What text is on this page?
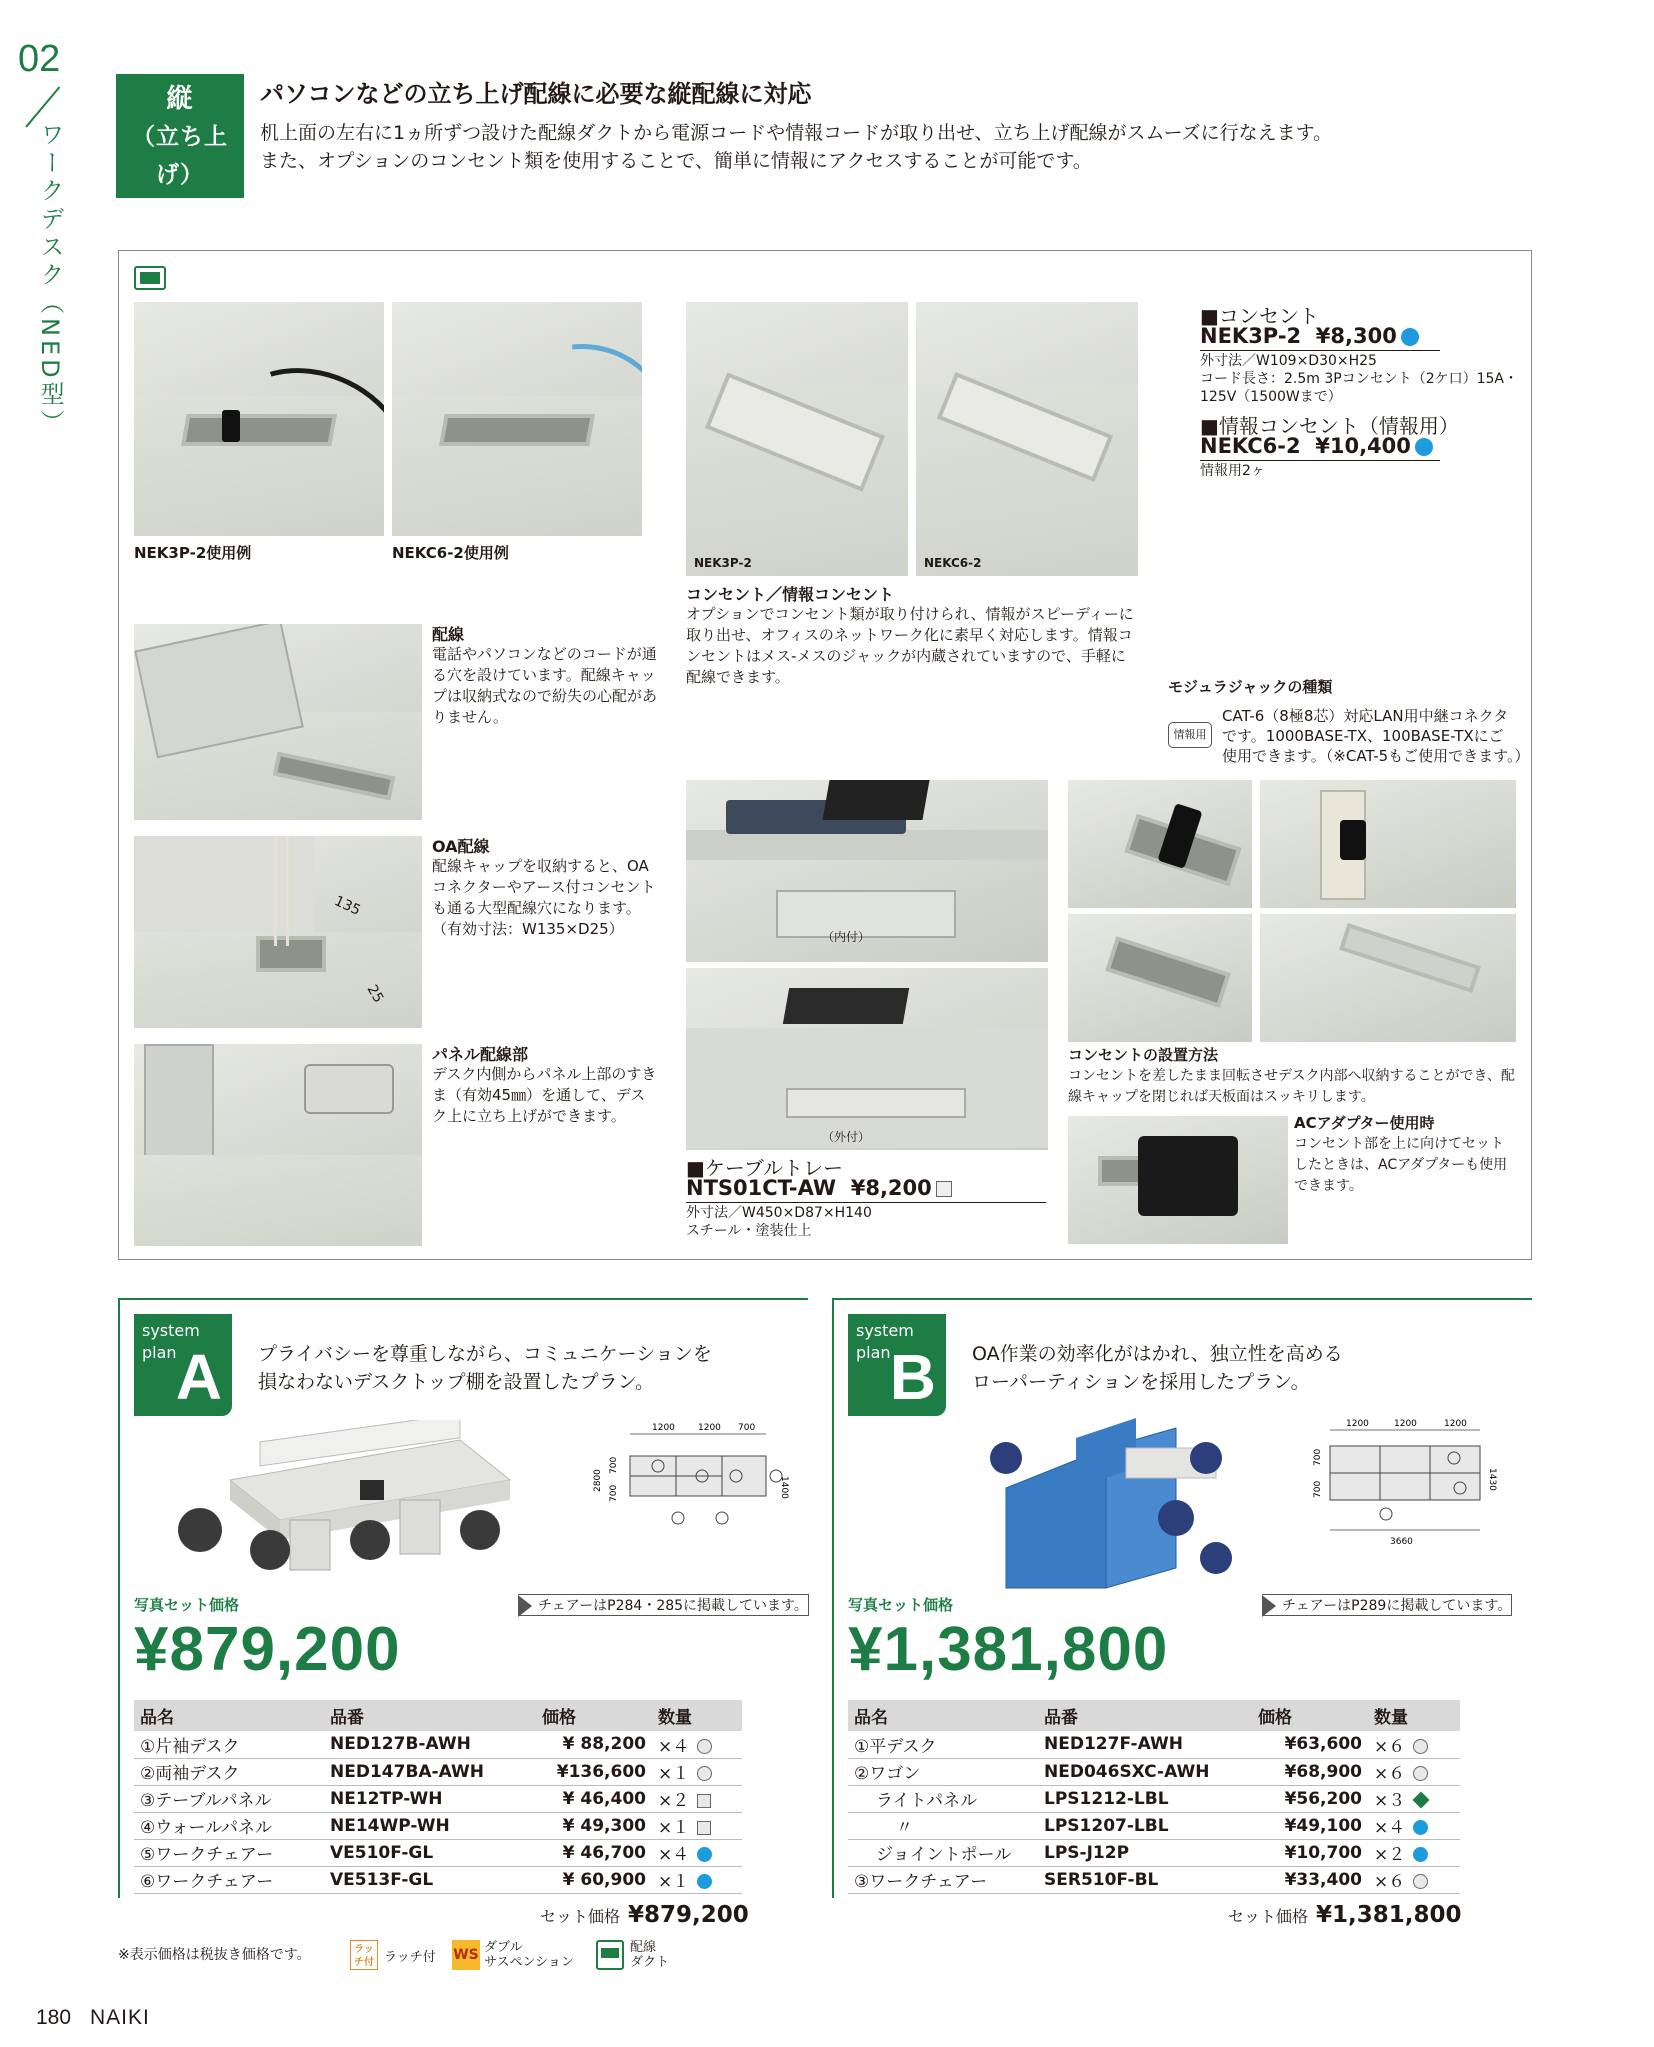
02
ワークデスク（NED型）
縦
（立ち上げ）
配線対応
パソコンなどの立ち上げ配線に必要な縦配線に対応
机上面の左右に1ヵ所ずつ設けた配線ダクトから電源コードや情報コードが取り出せ、立ち上げ配線がスムーズに行なえます。
また、オプションのコンセント類を使用することで、簡単に情報にアクセスすることが可能です。
NEK3P-2使用例	NEKC6-2使用例
NEK3P-2	NEKC6-2
コンセント／情報コンセント
オプションでコンセント類が取り付けられ、情報がスピーディーに取り出せ、オフィスのネットワーク化に素早く対応します。情報コンセントはメス-メスのジャックが内蔵されていますので、手軽に配線できます。
■コンセント
NEK3P-2 ¥8,300
外寸法／W109×D30×H25
コード長さ：2.5m 3Pコンセント（2ケ口）15A・
125V（1500Wまで）
■情報コンセント（情報用）
NEKC6-2 ¥10,400
情報用2ヶ
モジュラジャックの種類
情報用
CAT-6（8極8芯）対応LAN用中継コネクタ
です。1000BASE-TX、100BASE-TXにご
使用できます。（※CAT-5もご使用できます。）
配線
電話やパソコンなどのコードが通る穴を設けています。配線キャップは収納式なので紛失の心配がありません。
135
25
OA配線
配線キャップを収納すると、OAコネクターやアース付コンセントも通る大型配線穴になります。（有効寸法：W135×D25）
パネル配線部
デスク内側からパネル上部のすきま（有効45㎜）を通して、デスク上に立ち上げができます。
（内付）
（外付）
■ケーブルトレー
NTS01CT-AW ¥8,200
外寸法／W450×D87×H140
スチール・塗装仕上
コンセントの設置方法
コンセントを差したまま回転させデスク内部へ収納することができ、配線キャップを閉じれば天板面はスッキリします。
ACアダプター使用時
コンセント部を上に向けてセットしたときは、ACアダプターも使用できます。
system
plan A プライバシーを尊重しながら、コミュニケーションを
損なわないデスクトップ棚を設置したプラン。
1200	1200 700
2800
700
700	1400
写真セット価格	チェアーはP284・285に掲載しています。
¥879,200
品名	品番	価格	数量
①片袖デスク	NED127B-AWH	¥ 88,200	×４
②両袖デスク	NED147BA-AWH	¥136,600	×１
③テーブルパネル	NE12TP-WH	¥ 46,400	×２
④ウォールパネル	NE14WP-WH	¥ 49,300	×１
⑤ワークチェアー	VE510F-GL	¥ 46,700	×４
⑥ワークチェアー	VE513F-GL	¥ 60,900	×１
セット価格 ¥879,200
system
plan B OA作業の効率化がはかれ、独立性を高める
ローパーティションを採用したプラン。
1200	1200	1200
700
700	1430
3660
写真セット価格	チェアーはP289に掲載しています。
¥1,381,800
品名	品番	価格	数量
①平デスク	NED127F-AWH	¥63,600	×６
②ワゴン	NED046SXC-AWH	¥68,900	×６
ライトパネル	LPS1212-LBL	¥56,200	×３
〃	LPS1207-LBL	¥49,100	×４
ジョイントポール	LPS-J12P	¥10,700	×２
③ワークチェアー	SER510F-BL	¥33,400	×６
セット価格 ¥1,381,800
※表示価格は税抜き価格です。	ラッチ付 ラッチ付 WS ダブル
サスペンション
配線
ダクト
180 NAIKI
